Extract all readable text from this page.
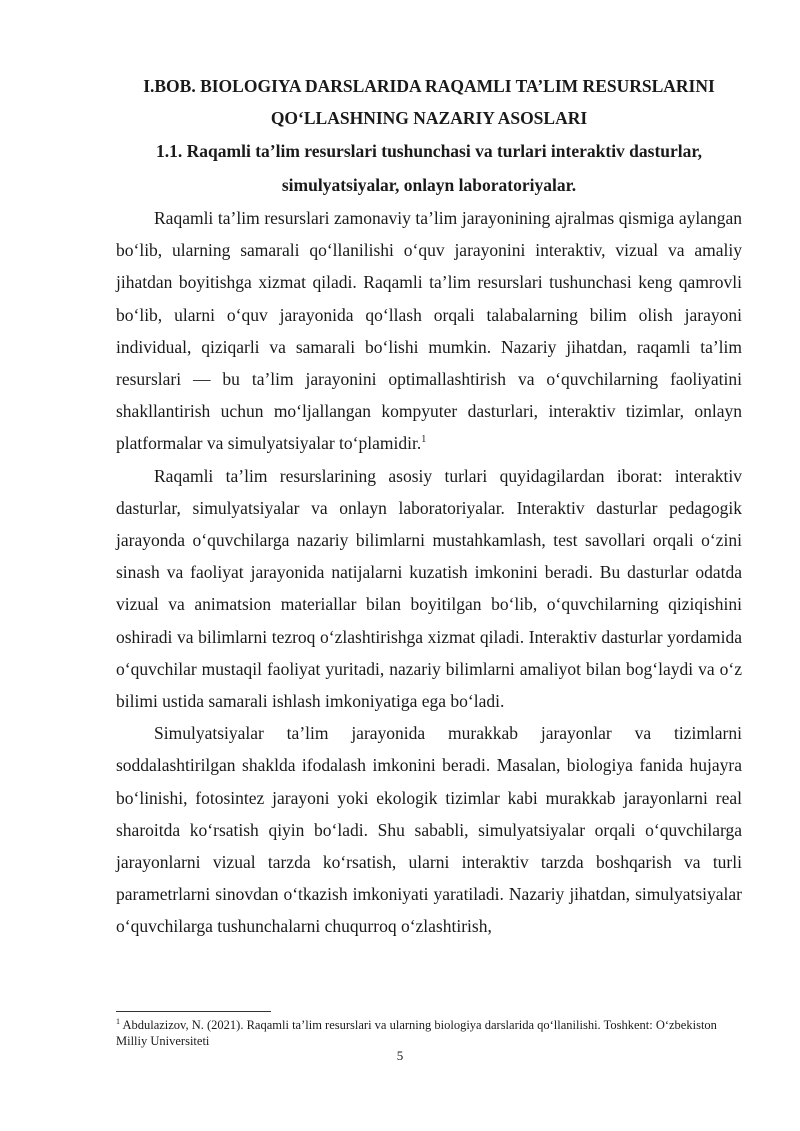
I.BOB. BIOLOGIYA DARSLARIDA RAQAMLI TA’LIM RESURSLARINI
QO‘LLASHNING NAZARIY ASOSLARI
1.1. Raqamli ta’lim resurslari tushunchasi va turlari interaktiv dasturlar,
simulyatsiyalar, onlayn laboratoriyalar.

Raqamli ta’lim resurslari zamonaviy ta’lim jarayonining ajralmas qismiga aylangan bo‘lib, ularning samarali qo‘llanilishi o‘quv jarayonini interaktiv, vizual va amaliy jihatdan boyitishga xizmat qiladi. Raqamli ta’lim resurslari tushunchasi keng qamrovli bo‘lib, ularni o‘quv jarayonida qo‘llash orqali talabalarning bilim olish jarayoni individual, qiziqarli va samarali bo‘lishi mumkin. Nazariy jihatdan, raqamli ta’lim resurslari — bu ta’lim jarayonini optimallashtirish va o‘quvchilarning faoliyatini shakllantirish uchun mo‘ljallangan kompyuter dasturlari, interaktiv tizimlar, onlayn platformalar va simulyatsiyalar to‘plamidir.$^1$

Raqamli ta’lim resurslarining asosiy turlari quyidagilardan iborat: interaktiv dasturlar, simulyatsiyalar va onlayn laboratoriyalar. Interaktiv dasturlar pedagogik jarayonda o‘quvchilarga nazariy bilimlarni mustahkamlash, test savollari orqali o‘zini sinash va faoliyat jarayonida natijalarni kuzatish imkonini beradi. Bu dasturlar odatda vizual va animatsion materiallar bilan boyitilgan bo‘lib, o‘quvchilarning qiziqishini oshiradi va bilimlarni tezroq o‘zlashtirishga xizmat qiladi. Interaktiv dasturlar yordamida o‘quvchilar mustaqil faoliyat yuritadi, nazariy bilimlarni amaliyot bilan bog‘laydi va o‘z bilimi ustida samarali ishlash imkoniyatiga ega bo‘ladi.

Simulyatsiyalar ta’lim jarayonida murakkab jarayonlar va tizimlarni soddalashtirilgan shaklda ifodalash imkonini beradi. Masalan, biologiya fanida hujayra bo‘linishi, fotosintez jarayoni yoki ekologik tizimlar kabi murakkab jarayonlarni real sharoitda ko‘rsatish qiyin bo‘ladi. Shu sababli, simulyatsiyalar orqali o‘quvchilarga jarayonlarni vizual tarzda ko‘rsatish, ularni interaktiv tarzda boshqarish va turli parametrlarni sinovdan o‘tkazish imkoniyati yaratiladi. Nazariy jihatdan, simulyatsiyalar o‘quvchilarga tushunchalarni chuqurroq o‘zlashtirish,

$^1$ Abdulazizov, N. (2021). Raqamli ta’lim resurslari va ularning biologiya darslarida qo‘llanilishi. Toshkent: O‘zbekiston Milliy Universiteti

5
